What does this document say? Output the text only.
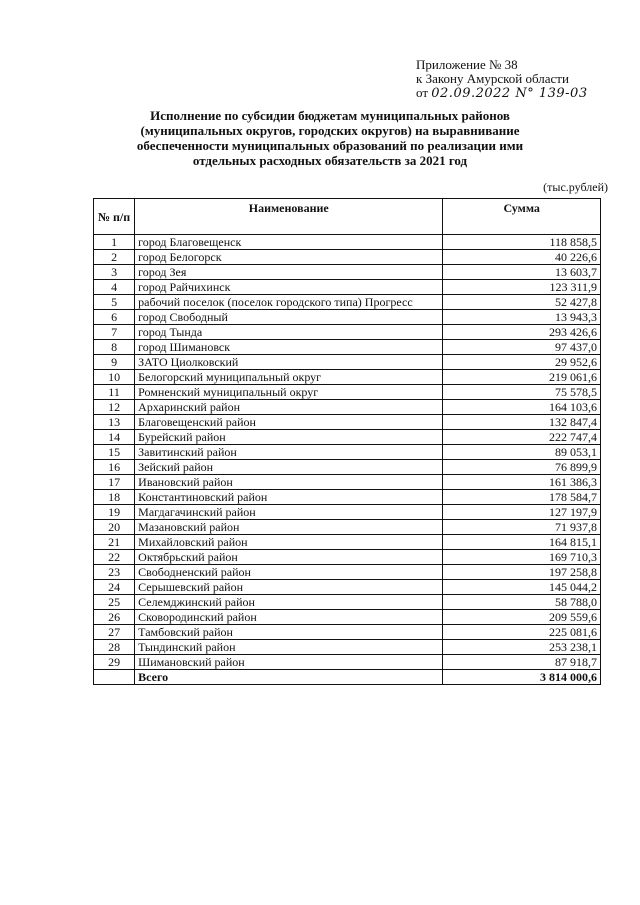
Приложение № 38
к Закону Амурской области
от 02.09.2022 N° 139-03
Исполнение по субсидии бюджетам муниципальных районов
(муниципальных округов, городских округов) на выравнивание
обеспеченности муниципальных образований по реализации ими
отдельных расходных обязательств за 2021 год
(тыс.рублей)
№ п/п	Наименование	Сумма
1	город Благовещенск	118 858,5
2	город Белогорск	40 226,6
3	город Зея	13 603,7
4	город Райчихинск	123 311,9
5	рабочий поселок (поселок городского типа) Прогресс	52 427,8
6	город Свободный	13 943,3
7	город Тында	293 426,6
8	город Шимановск	97 437,0
9	ЗАТО Циолковский	29 952,6
10	Белогорский муниципальный округ	219 061,6
11	Ромненский муниципальный округ	75 578,5
12	Архаринский район	164 103,6
13	Благовещенский район	132 847,4
14	Бурейский район	222 747,4
15	Завитинский район	89 053,1
16	Зейский район	76 899,9
17	Ивановский район	161 386,3
18	Константиновский район	178 584,7
19	Магдагачинский район	127 197,9
20	Мазановский район	71 937,8
21	Михайловский район	164 815,1
22	Октябрьский район	169 710,3
23	Свободненский район	197 258,8
24	Серышевский район	145 044,2
25	Селемджинский район	58 788,0
26	Сковородинский район	209 559,6
27	Тамбовский район	225 081,6
28	Тындинский район	253 238,1
29	Шимановский район	87 918,7
	Всего	3 814 000,6
